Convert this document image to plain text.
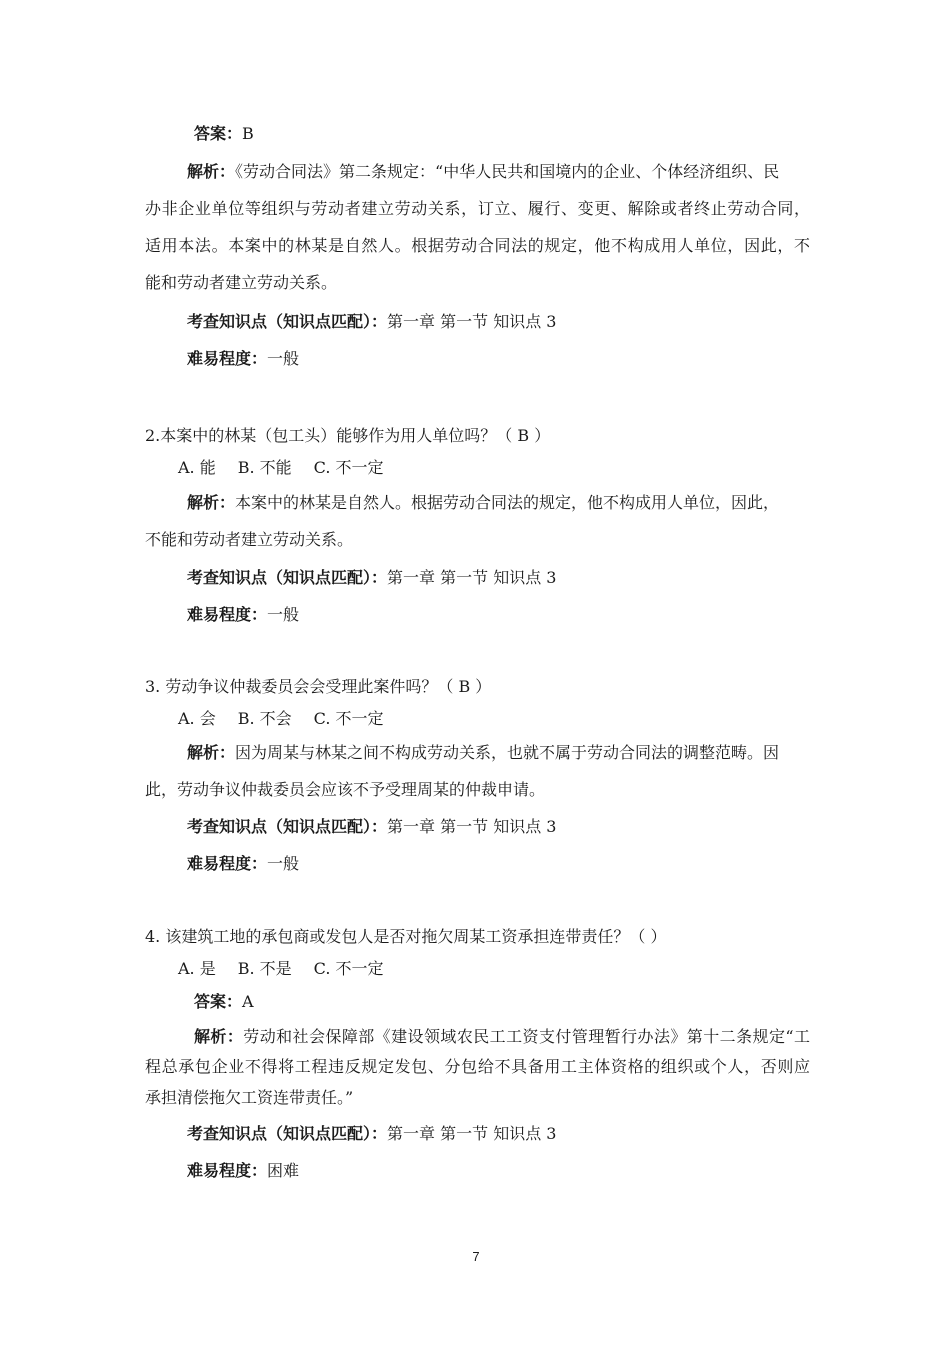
答案：B
解析：《劳动合同法》第二条规定：“中华人民共和国境内的企业、个体经济组织、民
办非企业单位等组织与劳动者建立劳动关系，订立、履行、变更、解除或者终止劳动合同，
适用本法。本案中的林某是自然人。根据劳动合同法的规定，他不构成用人单位，因此，不
能和劳动者建立劳动关系。
考查知识点（知识点匹配）：第一章 第一节 知识点 3
难易程度：一般
2.本案中的林某（包工头）能够作为用人单位吗？（ B ）
A. 能 B. 不能 C. 不一定
解析：本案中的林某是自然人。根据劳动合同法的规定，他不构成用人单位，因此，
不能和劳动者建立劳动关系。
考查知识点（知识点匹配）：第一章 第一节 知识点 3
难易程度：一般
3. 劳动争议仲裁委员会会受理此案件吗？（ B ）
A. 会 B. 不会 C. 不一定
解析：因为周某与林某之间不构成劳动关系，也就不属于劳动合同法的调整范畴。因
此，劳动争议仲裁委员会应该不予受理周某的仲裁申请。
考查知识点（知识点匹配）：第一章 第一节 知识点 3
难易程度：一般
4. 该建筑工地的承包商或发包人是否对拖欠周某工资承担连带责任？（ ）
A. 是 B. 不是 C. 不一定
答案：A
解析：劳动和社会保障部《建设领域农民工工资支付管理暂行办法》第十二条规定“工
程总承包企业不得将工程违反规定发包、分包给不具备用工主体资格的组织或个人，否则应
承担清偿拖欠工资连带责任。”
考查知识点（知识点匹配）：第一章 第一节 知识点 3
难易程度：困难
7
